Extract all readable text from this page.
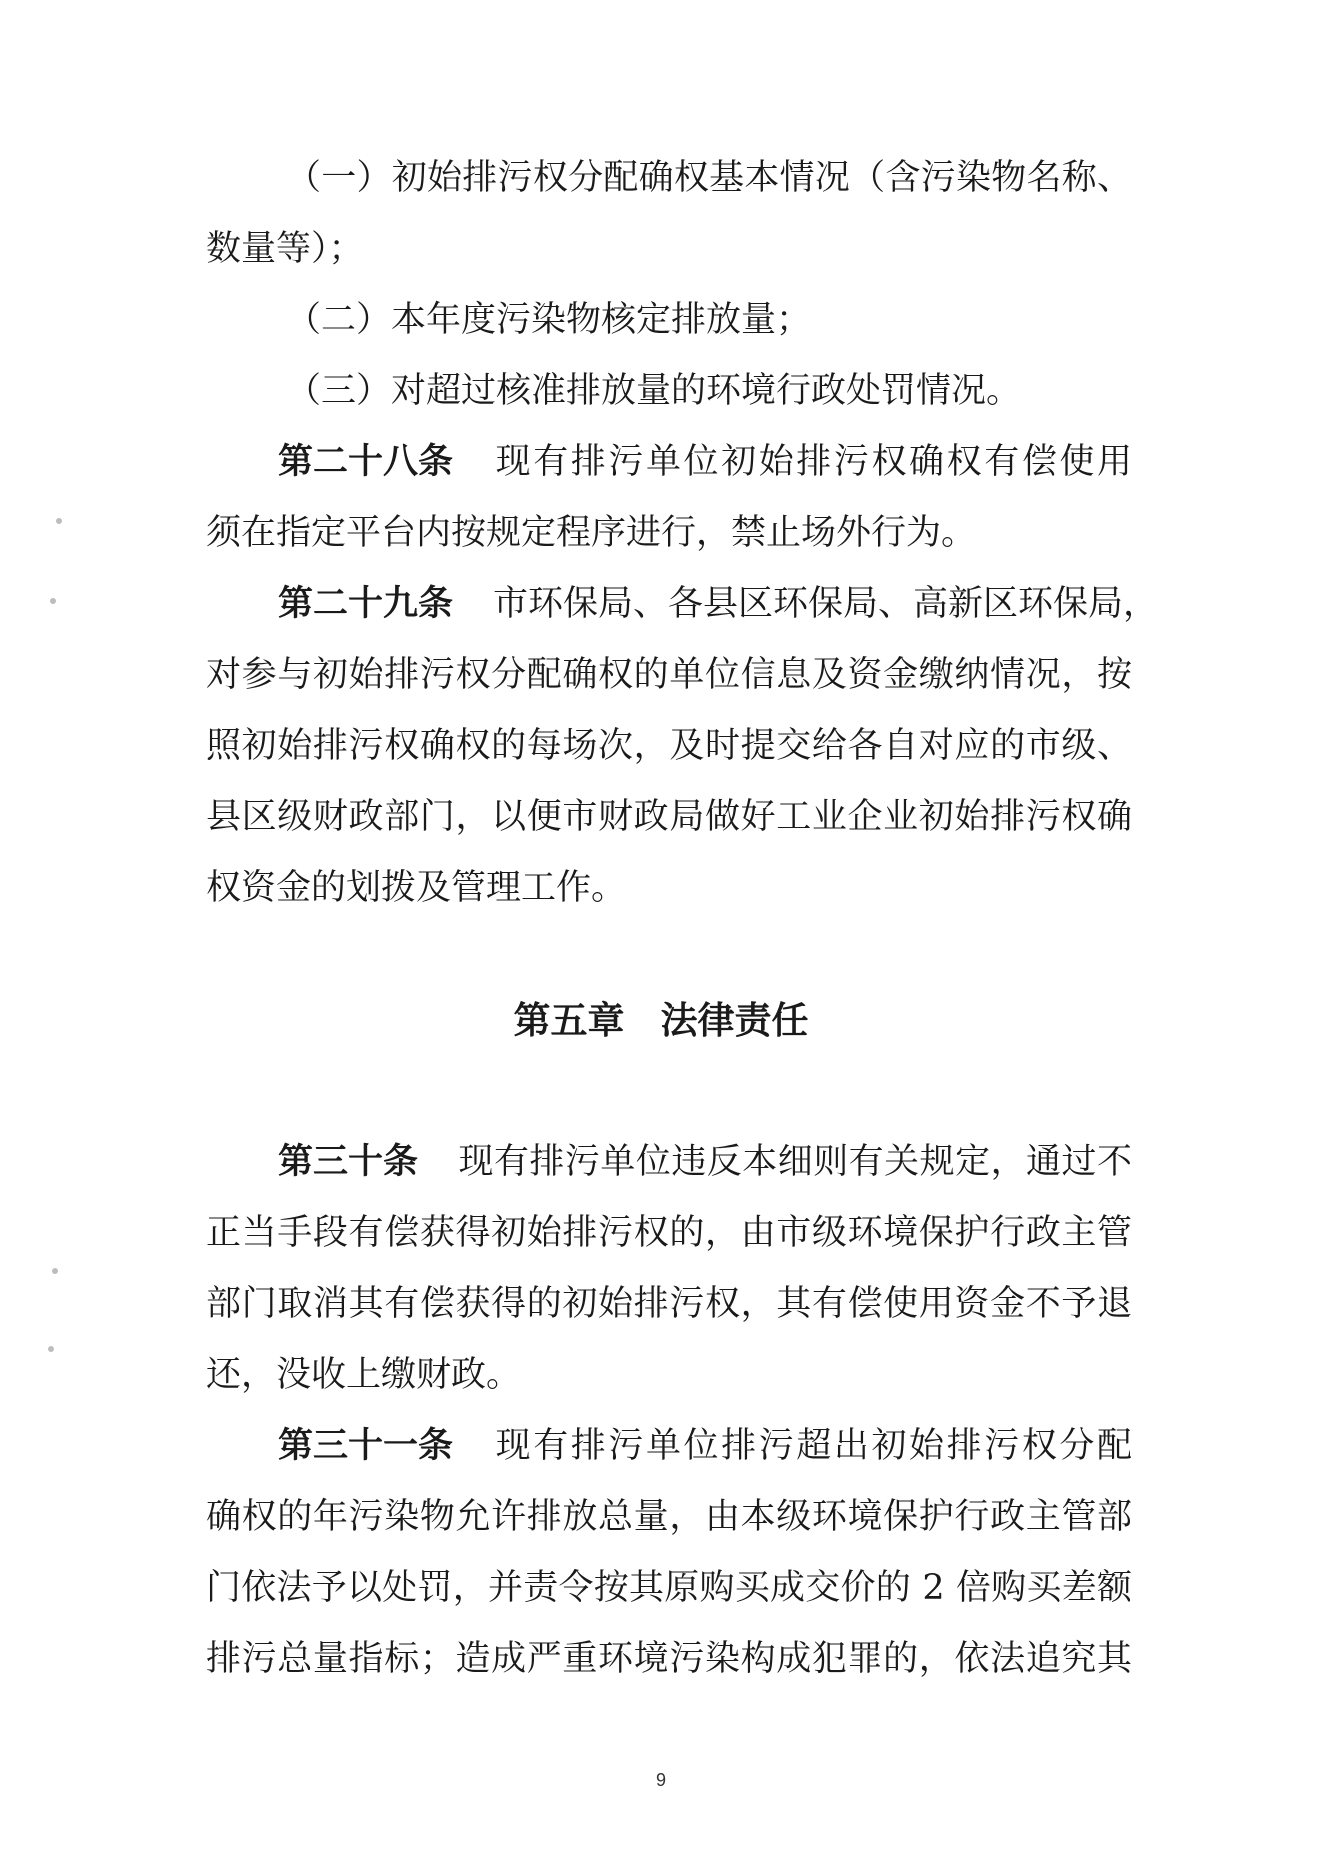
（一）初始排污权分配确权基本情况（含污染物名称、
数量等）；
（二）本年度污染物核定排放量；
（三）对超过核准排放量的环境行政处罚情况。
第二十八条 现有排污单位初始排污权确权有偿使用
须在指定平台内按规定程序进行，禁止场外行为。
第二十九条 市环保局、各县区环保局、高新区环保局，
对参与初始排污权分配确权的单位信息及资金缴纳情况，按
照初始排污权确权的每场次，及时提交给各自对应的市级、
县区级财政部门，以便市财政局做好工业企业初始排污权确
权资金的划拨及管理工作。
第五章 法律责任
第三十条 现有排污单位违反本细则有关规定，通过不
正当手段有偿获得初始排污权的，由市级环境保护行政主管
部门取消其有偿获得的初始排污权，其有偿使用资金不予退
还，没收上缴财政。
第三十一条 现有排污单位排污超出初始排污权分配
确权的年污染物允许排放总量，由本级环境保护行政主管部
门依法予以处罚，并责令按其原购买成交价的 2 倍购买差额
排污总量指标；造成严重环境污染构成犯罪的，依法追究其
9
